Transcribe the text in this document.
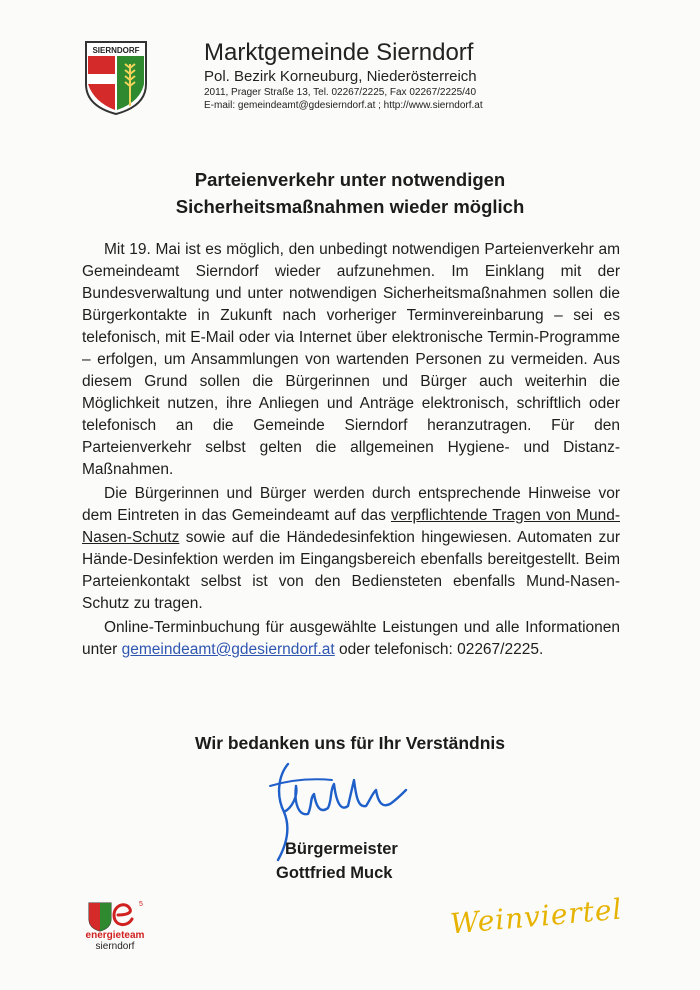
SIERNDORF	Marktgemeinde Sierndorf
Pol. Bezirk Korneuburg, Niederösterreich
2011, Prager Straße 13, Tel. 02267/2225, Fax 02267/2225/40
E-mail: gemeindeamt@gdesierndorf.at ; http://www.sierndorf.at
Parteienverkehr unter notwendigen
Sicherheitsmaßnahmen wieder möglich

Mit 19. Mai ist es möglich, den unbedingt notwendigen Parteienverkehr am Gemeindeamt Sierndorf wieder aufzunehmen. Im Einklang mit der Bundesverwaltung und unter notwendigen Sicherheitsmaßnahmen sollen die Bürgerkontakte in Zukunft nach vorheriger Terminvereinbarung – sei es telefonisch, mit E-Mail oder via Internet über elektronische Termin-Programme – erfolgen, um Ansammlungen von wartenden Personen zu vermeiden. Aus diesem Grund sollen die Bürgerinnen und Bürger auch weiterhin die Möglichkeit nutzen, ihre Anliegen und Anträge elektronisch, schriftlich oder telefonisch an die Gemeinde Sierndorf heranzutragen. Für den Parteienverkehr selbst gelten die allgemeinen Hygiene- und Distanz-Maßnahmen.

Die Bürgerinnen und Bürger werden durch entsprechende Hinweise vor dem Eintreten in das Gemeindeamt auf das verpflichtende Tragen von Mund-Nasen-Schutz sowie auf die Händedesinfektion hingewiesen. Automaten zur Hände-Desinfektion werden im Eingangsbereich ebenfalls bereitgestellt. Beim Parteienkontakt selbst ist von den Bediensteten ebenfalls Mund-Nasen-Schutz zu tragen.

Online-Terminbuchung für ausgewählte Leistungen und alle Informationen unter gemeindeamt@gdesierndorf.at oder telefonisch: 02267/2225.

Wir bedanken uns für Ihr Verständnis
Bürgermeister
Gottfried Muck
5
energieteam
sierndorf
Weinviertel
